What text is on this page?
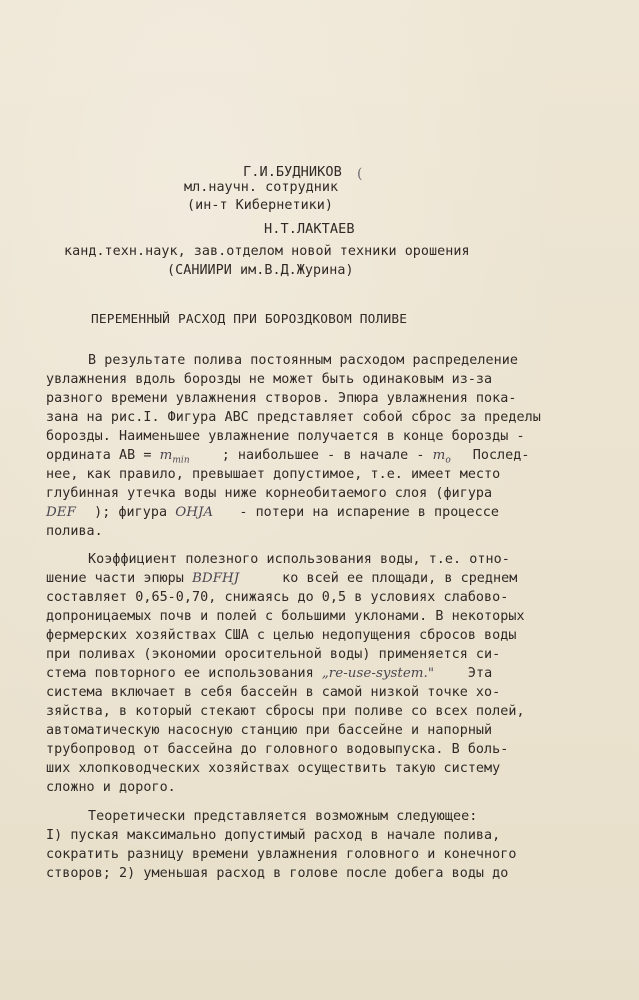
(
Г.И.БУДНИКОВ
мл.научн. сотрудник
(ин-т Кибернетики)
Н.Т.ЛАКТАЕВ
канд.техн.наук, зав.отделом новой техники орошения
(САНИИРИ им.В.Д.Журина)
ПЕРЕМЕННЫЙ РАСХОД ПРИ БОРОЗДКОВОМ ПОЛИВЕ
В результате полива постоянным расходом распределение
увлажнения вдоль борозды не может быть одинаковым из-за
разного времени увлажнения створов. Эпюра увлажнения пока-
зана на рис.I. Фигура АВС представляет собой сброс за пределы
борозды. Наименьшее увлажнение получается в конце борозды -
ордината АВ = $m_{min}$ ; наибольшее - в начале - $m_o$ Послед-
нее, как правило, превышает допустимое, т.е. имеет место
глубинная утечка воды ниже корнеобитаемого слоя (фигура
DEF ); фигура OHJA - потери на испарение в процессе
полива.
Коэффициент полезного использования воды, т.е. отно-
шение части эпюры BDFHJ	ко всей ее площади, в среднем
составляет 0,65-0,70, снижаясь до 0,5 в условиях слабово-
допроницаемых почв и полей с большими уклонами. В некоторых
фермерских хозяйствах США с целью недопущения сбросов воды
при поливах (экономии оросительной воды) применяется си-
стема повторного ее использования „re-use-system." Эта
система включает в себя бассейн в самой низкой точке хо-
зяйства, в который стекают сбросы при поливе со всех полей,
автоматическую насосную станцию при бассейне и напорный
трубопровод от бассейна до головного водовыпуска. В боль-
ших хлопководческих хозяйствах осуществить такую систему
сложно и дорого.
Теоретически представляется возможным следующее:
I) пуская максимально допустимый расход в начале полива,
сократить разницу времени увлажнения головного и конечного
створов; 2) уменьшая расход в голове после добега воды до
